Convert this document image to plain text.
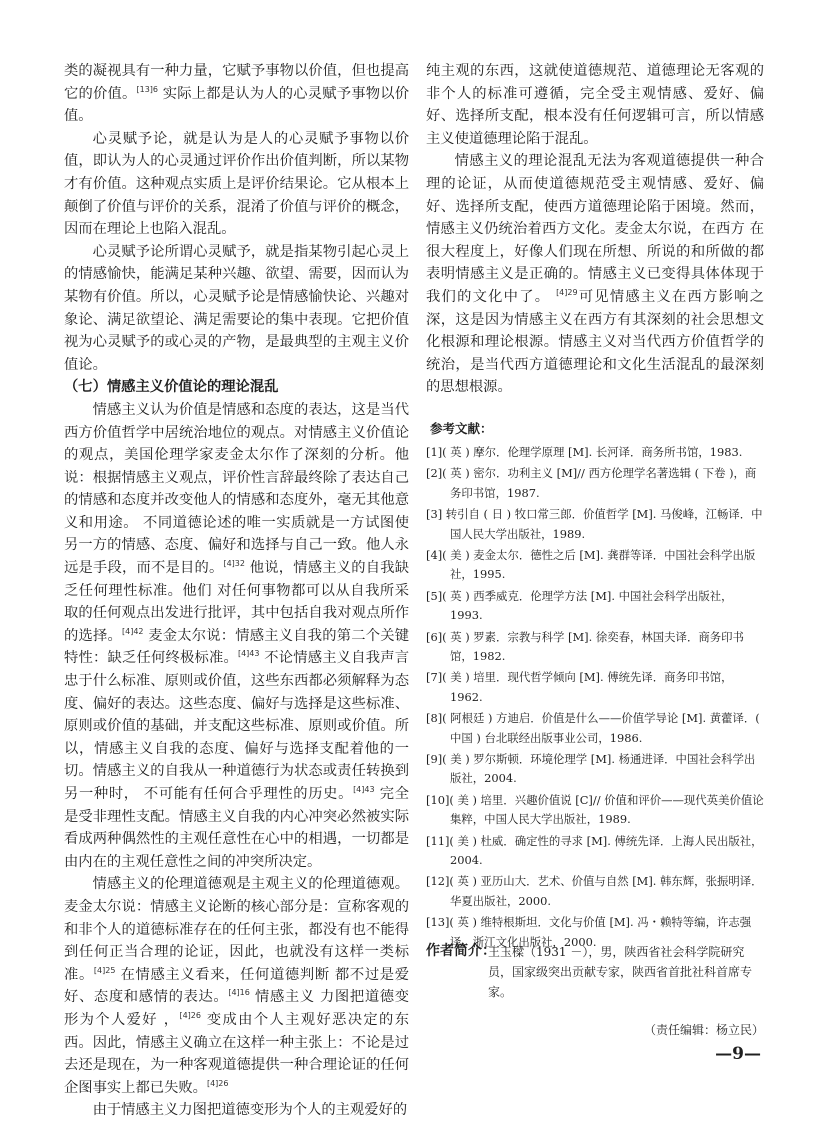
类的凝视具有一种力量，它赋予事物以价值，但也提高它的价值。$^{[13]6}$ 实际上都是认为人的心灵赋予事物以价值。
心灵赋予论，就是认为是人的心灵赋予事物以价值，即认为人的心灵通过评价作出价值判断，所以某物才有价值。这种观点实质上是评价结果论。它从根本上颠倒了价值与评价的关系，混淆了价值与评价的概念，因而在理论上也陷入混乱。
心灵赋予论所谓心灵赋予，就是指某物引起心灵上的情感愉快，能满足某种兴趣、欲望、需要，因而认为某物有价值。所以，心灵赋予论是情感愉快论、兴趣对象论、满足欲望论、满足需要论的集中表现。它把价值视为心灵赋予的或心灵的产物，是最典型的主观主义价值论。
（七）情感主义价值论的理论混乱
情感主义认为价值是情感和态度的表达，这是当代西方价值哲学中居统治地位的观点。对情感主义价值论的观点，美国伦理学家麦金太尔作了深刻的分析。他说：根据情感主义观点，评价性言辞最终除了表达自己的情感和态度并改变他人的情感和态度外，毫无其他意义和用途。 不同道德论述的唯一实质就是一方试图使另一方的情感、态度、偏好和选择与自己一致。他人永远是手段，而不是目的。$^{[4]32}$ 他说，情感主义的自我缺乏任何理性标准。他们 对任何事物都可以从自我所采取的任何观点出发进行批评，其中包括自我对观点所作的选择。$^{[4]42}$ 麦金太尔说：情感主义自我的第二个关键特性：缺乏任何终极标准。$^{[4]43}$ 不论情感主义自我声言忠于什么标准、原则或价值，这些东西都必须解释为态度、偏好的表达。这些态度、偏好与选择是这些标准、原则或价值的基础，并支配这些标准、原则或价值。所以，情感主义自我的态度、偏好与选择支配着他的一切。情感主义的自我从一种道德行为状态或责任转换到另一种时， 不可能有任何合乎理性的历史。$^{[4]43}$ 完全是受非理性支配。情感主义自我的内心冲突必然被实际看成两种偶然性的主观任意性在心中的相遇，一切都是由内在的主观任意性之间的冲突所决定。
情感主义的伦理道德观是主观主义的伦理道德观。麦金太尔说：情感主义论断的核心部分是：宣称客观的和非个人的道德标准存在的任何主张，都没有也不能得到任何正当合理的论证，因此，也就没有这样一类标准。$^{[4]25}$ 在情感主义看来，任何道德判断 都不过是爱好、态度和感情的表达。$^{[4]16}$ 情感主义 力图把道德变形为个人爱好 ，$^{[4]26}$ 变成由个人主观好恶决定的东西。因此，情感主义确立在这样一种主张上：不论是过去还是现在，为一种客观道德提供一种合理论证的任何企图事实上都已失败。$^{[4]26}$
由于情感主义力图把道德变形为个人的主观爱好的
纯主观的东西，这就使道德规范、道德理论无客观的非个人的标准可遵循，完全受主观情感、爱好、偏好、选择所支配，根本没有任何逻辑可言，所以情感主义使道德理论陷于混乱。
情感主义的理论混乱无法为客观道德提供一种合理的论证，从而使道德规范受主观情感、爱好、偏好、选择所支配，使西方道德理论陷于困境。然而，情感主义仍统治着西方文化。麦金太尔说，在西方 在很大程度上，好像人们现在所想、所说的和所做的都表明情感主义是正确的。情感主义已变得具体体现于我们的文化中了。 $^{[4]29}$可见情感主义在西方影响之深，这是因为情感主义在西方有其深刻的社会思想文化根源和理论根源。情感主义对当代西方价值哲学的统治，是当代西方道德理论和文化生活混乱的最深刻的思想根源。
参考文献：
[1]( 英 ) 摩尔．伦理学原理 [M]. 长河译．商务所书馆，1983.
[2]( 英 ) 密尔．功利主义 [M]// 西方伦理学名著选辑 ( 下卷 )，商务印书馆，1987.
[3] 转引自 ( 日 ) 牧口常三郎．价值哲学 [M]. 马俊峰，江畅译．中国人民大学出版社，1989.
[4]( 美 ) 麦金太尔．德性之后 [M]. 龚群等译．中国社会科学出版社，1995.
[5]( 英 ) 西季威克．伦理学方法 [M]. 中国社会科学出版社，1993.
[6]( 英 ) 罗素．宗教与科学 [M]. 徐奕春，林国夫译．商务印书馆，1982.
[7]( 美 ) 培里．现代哲学倾向 [M]. 傅统先译．商务印书馆，1962.
[8]( 阿根廷 ) 方迪启．价值是什么——价值学导论 [M]. 黄藿译．( 中国 ) 台北联经出版事业公司，1986.
[9]( 美 ) 罗尔斯顿．环境伦理学 [M]. 杨通进译．中国社会科学出版社，2004.
[10]( 美 ) 培里．兴趣价值说 [C]// 价值和评价——现代英美价值论集粹，中国人民大学出版社，1989.
[11]( 美 ) 杜威．确定性的寻求 [M]. 傅统先译．上海人民出版社，2004.
[12]( 英 ) 亚历山大．艺术、价值与自然 [M]. 韩东辉，张振明译．华夏出版社，2000.
[13]( 英 ) 维特根斯坦．文化与价值 [M]. 冯・赖特等编，许志强译．浙江文化出版社，2000.
作者简介：
王玉樑（1931 －），男，陕西省社会科学院研究员，国家级突出贡献专家，陕西省首批社科首席专家。
（责任编辑：杨立民）
—9—
